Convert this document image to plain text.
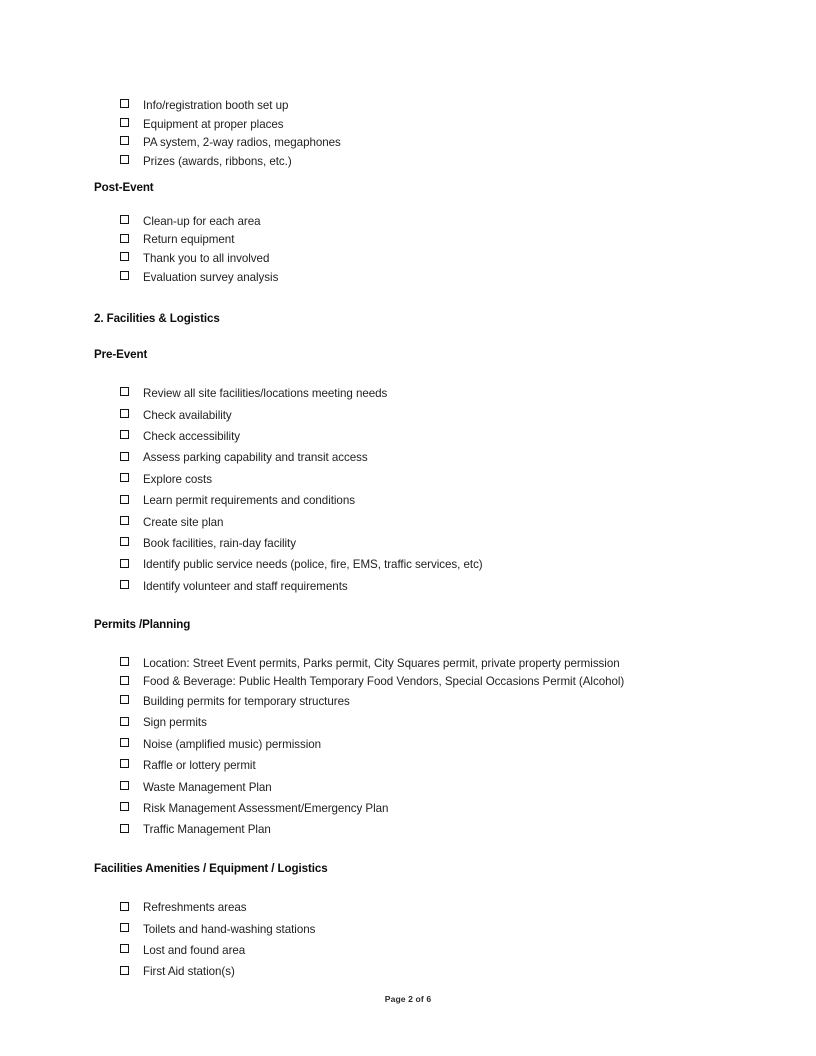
Info/registration booth set up
Equipment at proper places
PA system, 2-way radios, megaphones
Prizes (awards, ribbons, etc.)
Post-Event
Clean-up for each area
Return equipment
Thank you to all involved
Evaluation survey analysis
2. Facilities & Logistics
Pre-Event
Review all site facilities/locations meeting needs
Check availability
Check accessibility
Assess parking capability and transit access
Explore costs
Learn permit requirements and conditions
Create site plan
Book facilities, rain-day facility
Identify public service needs (police, fire, EMS, traffic services, etc)
Identify volunteer and staff requirements
Permits /Planning
Location: Street Event permits, Parks permit, City Squares permit, private property permission
Food & Beverage: Public Health Temporary Food Vendors, Special Occasions Permit (Alcohol)
Building permits for temporary structures
Sign permits
Noise (amplified music) permission
Raffle or lottery permit
Waste Management Plan
Risk Management Assessment/Emergency Plan
Traffic Management Plan
Facilities Amenities / Equipment / Logistics
Refreshments areas
Toilets and hand-washing stations
Lost and found area
First Aid station(s)
Page 2 of 6
